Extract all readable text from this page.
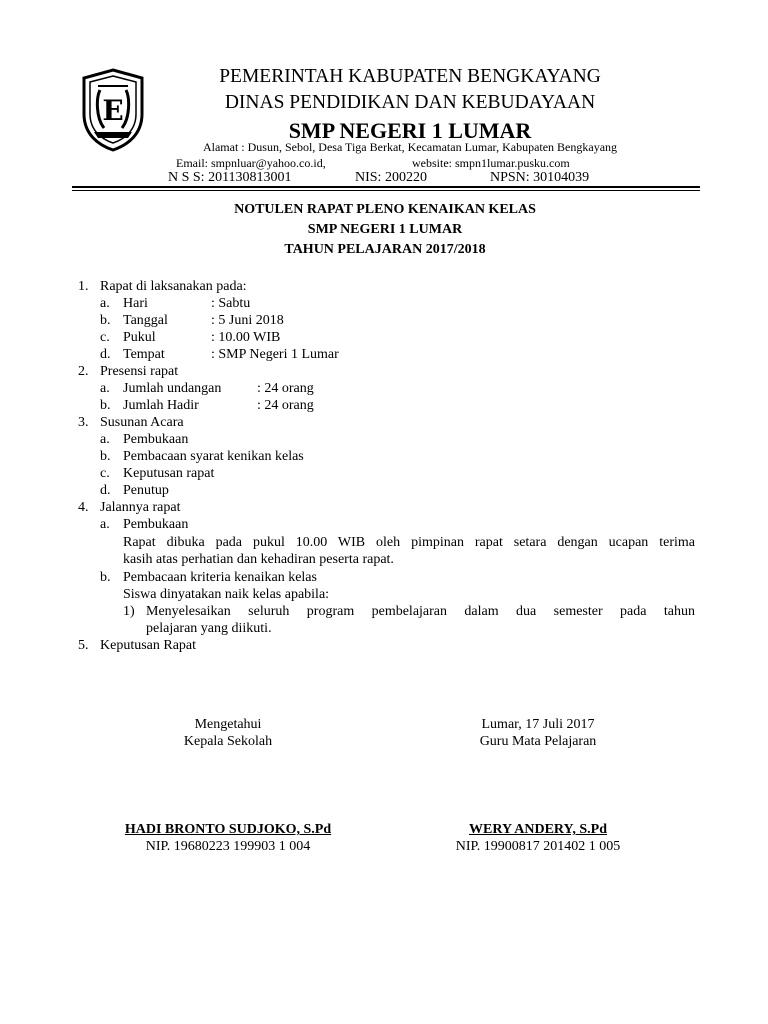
E
PEMERINTAH KABUPATEN BENGKAYANG
DINAS PENDIDIKAN DAN KEBUDAYAAN
SMP NEGERI 1 LUMAR
Alamat : Dusun, Sebol, Desa Tiga Berkat, Kecamatan Lumar, Kabupaten Bengkayang
Email: smpnluar@yahoo.co.id,	website: smpn1lumar.pusku.com
N S S: 201130813001	NIS: 200220	NPSN: 30104039
NOTULEN RAPAT PLENO KENAIKAN KELAS
SMP NEGERI 1 LUMAR
TAHUN PELAJARAN 2017/2018
1. Rapat di laksanakan pada:
a. Hari	: Sabtu
b. Tanggal	: 5 Juni 2018
c. Pukul	: 10.00 WIB
d. Tempat	: SMP Negeri 1 Lumar
2. Presensi rapat
a. Jumlah undangan	: 24 orang
b. Jumlah Hadir	: 24 orang
3. Susunan Acara
a. Pembukaan
b. Pembacaan syarat kenikan kelas
c. Keputusan rapat
d. Penutup
4. Jalannya rapat
a. Pembukaan
Rapat dibuka pada pukul 10.00 WIB oleh pimpinan rapat setara dengan ucapan terima
kasih atas perhatian dan kehadiran peserta rapat.
b. Pembacaan kriteria kenaikan kelas
Siswa dinyatakan naik kelas apabila:
1) Menyelesaikan seluruh program pembelajaran dalam dua semester pada tahun
pelajaran yang diikuti.
5. Keputusan Rapat
Mengetahui
Kepala Sekolah
HADI BRONTO SUDJOKO, S.Pd
NIP. 19680223 199903 1 004
Lumar, 17 Juli 2017
Guru Mata Pelajaran
WERY ANDERY, S.Pd
NIP. 19900817 201402 1 005
